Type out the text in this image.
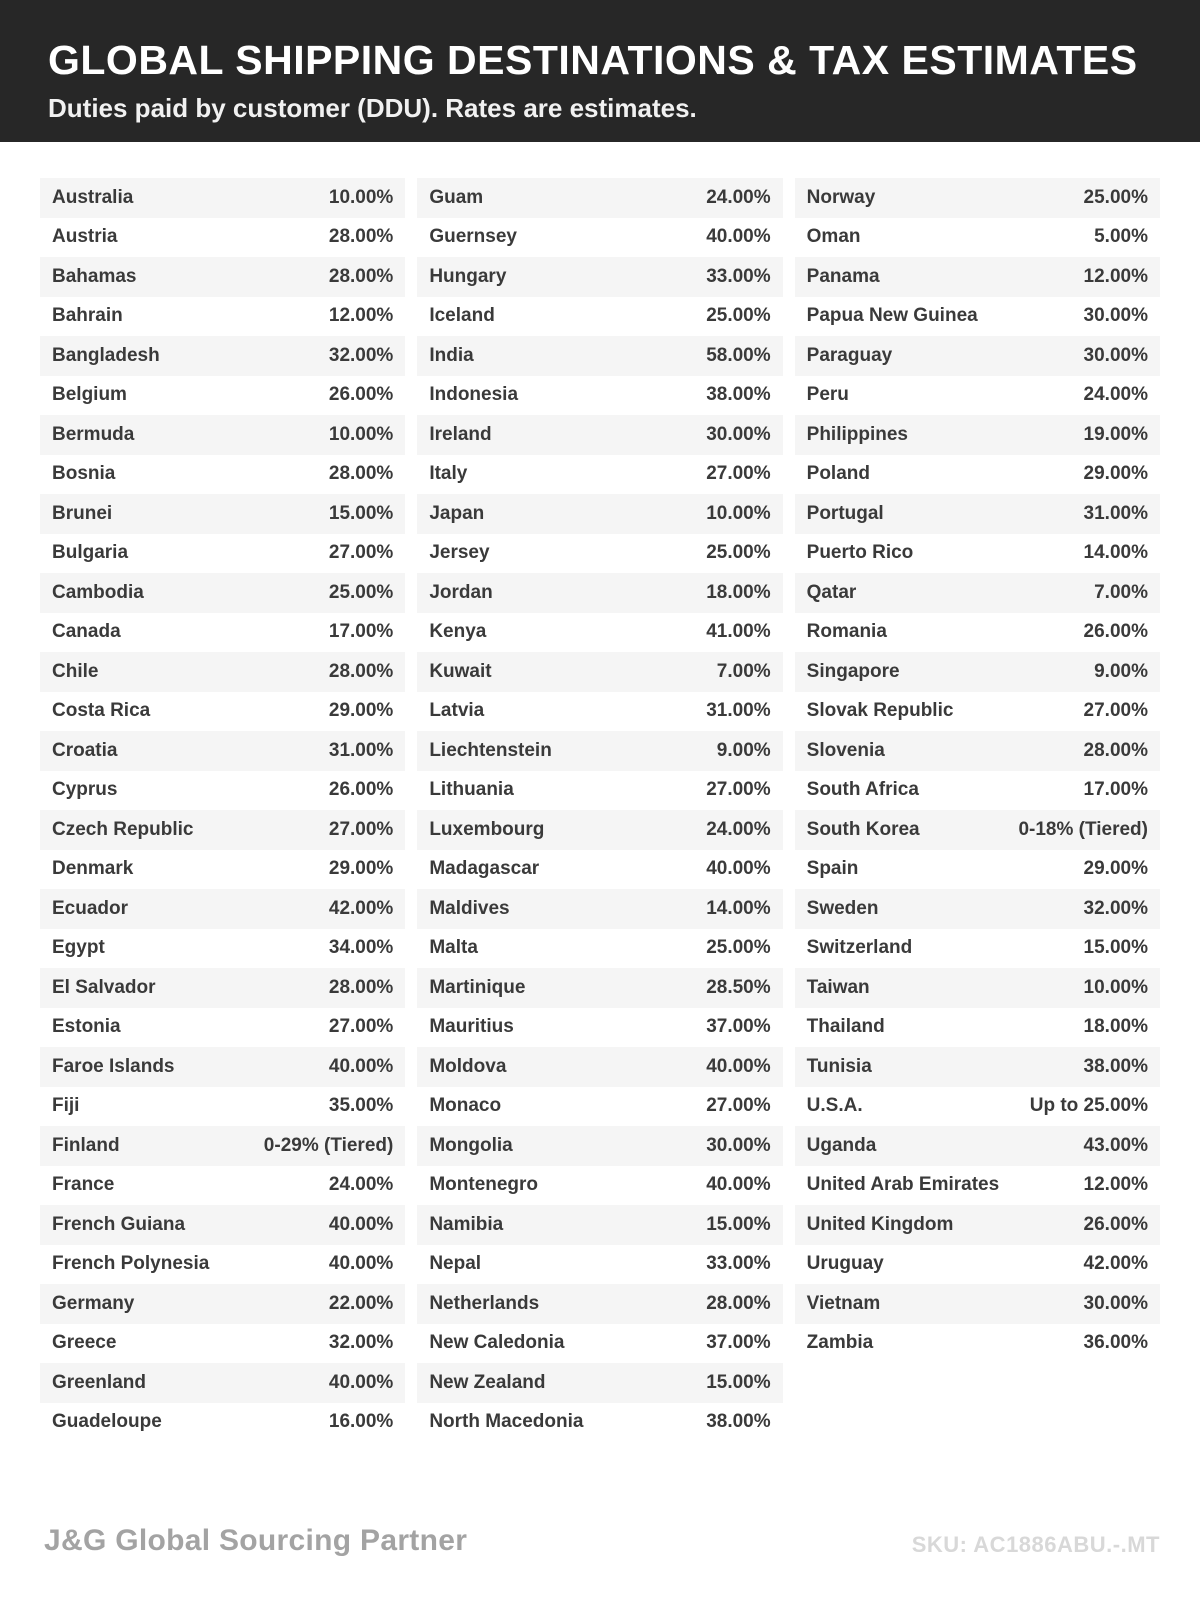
GLOBAL SHIPPING DESTINATIONS & TAX ESTIMATES

Duties paid by customer (DDU). Rates are estimates.

Australia	10.00%
Austria	28.00%
Bahamas	28.00%
Bahrain	12.00%
Bangladesh	32.00%
Belgium	26.00%
Bermuda	10.00%
Bosnia	28.00%
Brunei	15.00%
Bulgaria	27.00%
Cambodia	25.00%
Canada	17.00%
Chile	28.00%
Costa Rica	29.00%
Croatia	31.00%
Cyprus	26.00%
Czech Republic	27.00%
Denmark	29.00%
Ecuador	42.00%
Egypt	34.00%
El Salvador	28.00%
Estonia	27.00%
Faroe Islands	40.00%
Fiji	35.00%
Finland	0-29% (Tiered)
France	24.00%
French Guiana	40.00%
French Polynesia	40.00%
Germany	22.00%
Greece	32.00%
Greenland	40.00%
Guadeloupe	16.00%
Guam	24.00%
Guernsey	40.00%
Hungary	33.00%
Iceland	25.00%
India	58.00%
Indonesia	38.00%
Ireland	30.00%
Italy	27.00%
Japan	10.00%
Jersey	25.00%
Jordan	18.00%
Kenya	41.00%
Kuwait	7.00%
Latvia	31.00%
Liechtenstein	9.00%
Lithuania	27.00%
Luxembourg	24.00%
Madagascar	40.00%
Maldives	14.00%
Malta	25.00%
Martinique	28.50%
Mauritius	37.00%
Moldova	40.00%
Monaco	27.00%
Mongolia	30.00%
Montenegro	40.00%
Namibia	15.00%
Nepal	33.00%
Netherlands	28.00%
New Caledonia	37.00%
New Zealand	15.00%
North Macedonia	38.00%
Norway	25.00%
Oman	5.00%
Panama	12.00%
Papua New Guinea	30.00%
Paraguay	30.00%
Peru	24.00%
Philippines	19.00%
Poland	29.00%
Portugal	31.00%
Puerto Rico	14.00%
Qatar	7.00%
Romania	26.00%
Singapore	9.00%
Slovak Republic	27.00%
Slovenia	28.00%
South Africa	17.00%
South Korea	0-18% (Tiered)
Spain	29.00%
Sweden	32.00%
Switzerland	15.00%
Taiwan	10.00%
Thailand	18.00%
Tunisia	38.00%
U.S.A.	Up to 25.00%
Uganda	43.00%
United Arab Emirates	12.00%
United Kingdom	26.00%
Uruguay	42.00%
Vietnam	30.00%
Zambia	36.00%
J&G Global Sourcing Partner	SKU: AC1886ABU.-.MT
